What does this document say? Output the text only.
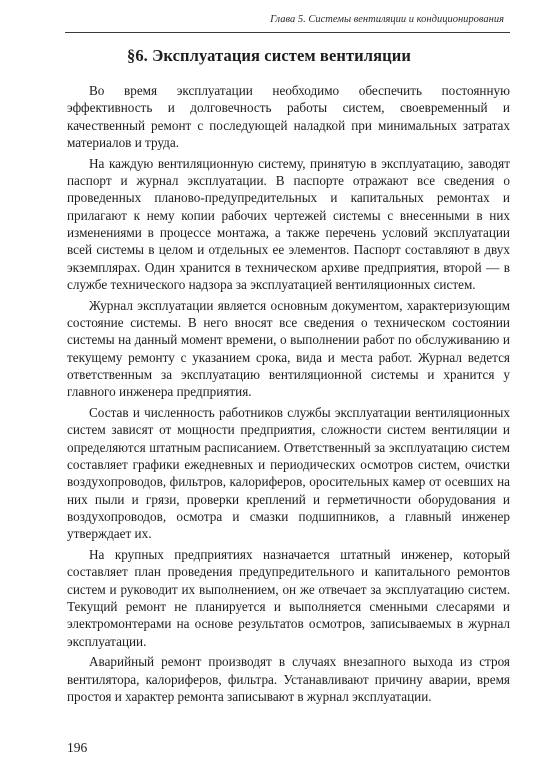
Глава 5. Системы вентиляции и кондиционирования
§6. Эксплуатация систем вентиляции

Во время эксплуатации необходимо обеспечить постоянную эффективность и долговечность работы систем, своевременный и качественный ремонт с последующей наладкой при минимальных затратах материалов и труда.

На каждую вентиляционную систему, принятую в эксплуатацию, заводят паспорт и журнал эксплуатации. В паспорте отражают все сведения о проведенных планово-предупредительных и капитальных ремонтах и прилагают к нему копии рабочих чертежей системы с внесенными в них изменениями в процессе монтажа, а также перечень условий эксплуатации всей системы в целом и отдельных ее элементов. Паспорт составляют в двух экземплярах. Один хранится в техническом архиве предприятия, второй — в службе технического надзора за эксплуатацией вентиляционных систем.

Журнал эксплуатации является основным документом, характеризующим состояние системы. В него вносят все сведения о техническом состоянии системы на данный момент времени, о выполнении работ по обслуживанию и текущему ремонту с указанием срока, вида и места работ. Журнал ведется ответственным за эксплуатацию вентиляционной системы и хранится у главного инженера предприятия.

Состав и численность работников службы эксплуатации вентиляционных систем зависят от мощности предприятия, сложности систем вентиляции и определяются штатным расписанием. Ответственный за эксплуатацию систем составляет графики ежедневных и периодических осмотров систем, очистки воздухопроводов, фильтров, калориферов, оросительных камер от осевших на них пыли и грязи, проверки креплений и герметичности оборудования и воздухопроводов, осмотра и смазки подшипников, а главный инженер утверждает их.

На крупных предприятиях назначается штатный инженер, который составляет план проведения предупредительного и капитального ремонтов систем и руководит их выполнением, он же отвечает за эксплуатацию систем. Текущий ремонт не планируется и выполняется сменными слесарями и электромонтерами на основе результатов осмотров, записываемых в журнал эксплуатации.

Аварийный ремонт производят в случаях внезапного выхода из строя вентилятора, калориферов, фильтра. Устанавливают причину аварии, время простоя и характер ремонта записывают в журнал эксплуатации.

196
